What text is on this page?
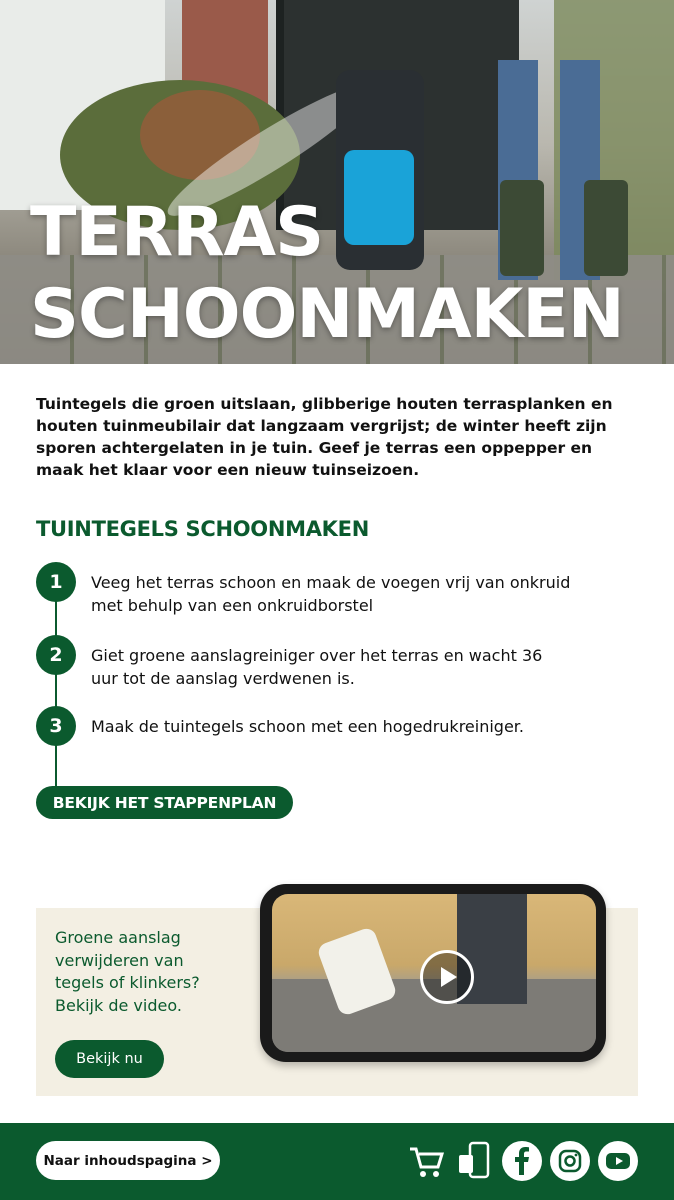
TERRAS
SCHOONMAKEN

Tuintegels die groen uitslaan, glibberige houten terrasplanken en houten tuinmeubilair dat langzaam vergrijst; de winter heeft zijn sporen achtergelaten in je tuin. Geef je terras een oppepper en maak het klaar voor een nieuw tuinseizoen.

TUINTEGELS SCHOONMAKEN
1	Veeg het terras schoon en maak de voegen vrij van onkruid met behulp van een onkruidborstel
2	Giet groene aanslagreiniger over het terras en wacht 36 uur tot de aanslag verdwenen is.
3	Maak de tuintegels schoon met een hogedrukreiniger.
BEKIJK HET STAPPENPLAN
Groene aanslag verwijderen van tegels of klinkers? Bekijk de video.
Bekijk nu
Naar inhoudspagina >
